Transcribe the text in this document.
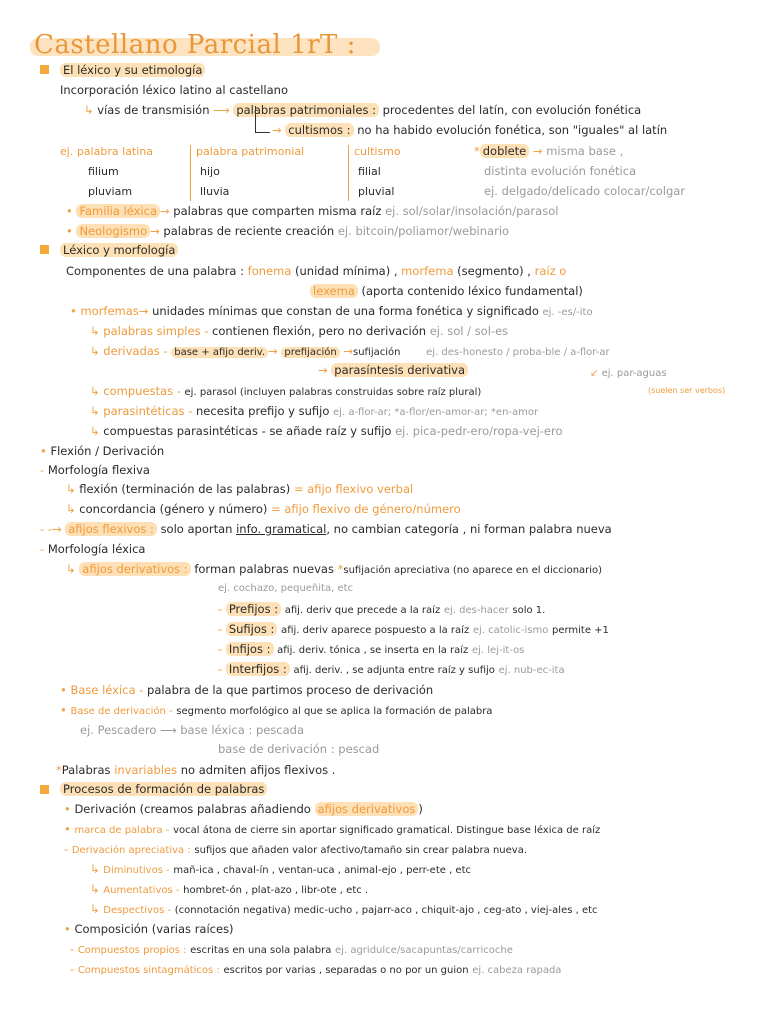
Castellano Parcial 1rT :
El léxico y su etimología
Incorporación léxico latino al castellano
↳ vías de transmisión ⟶ palabras patrimoniales : procedentes del latín, con evolución fonética
→ cultismos : no ha habido evolución fonética, son "iguales" al latín
ej. palabra latina	palabra patrimonial	cultismo
filium	hijo	filial
pluviam	lluvia	pluvial
* doblete → misma base ,
distinta evolución fonética
ej. delgado/delicado colocar/colgar
• Familia léxica → palabras que comparten misma raíz ej. sol/solar/insolación/parasol
• Neologismo → palabras de reciente creación ej. bitcoin/poliamor/webinario
Léxico y morfología
Componentes de una palabra : fonema (unidad mínima) , morfema (segmento) , raíz o
lexema (aporta contenido léxico fundamental)
• morfemas→ unidades mínimas que constan de una forma fonética y significado ej. -es/-ito
↳ palabras simples - contienen flexión, pero no derivación ej. sol / sol-es
↳ derivadas - base + afijo deriv. → prefijación →sufijación	ej. des-honesto / proba-ble / a-flor-ar
→ parasíntesis derivativa	↙ ej. par-aguas
↳ compuestas - ej. parasol (incluyen palabras construidas sobre raíz plural)	(suelen ser verbos)
↳ parasintéticas - necesita prefijo y sufijo ej. a-flor-ar; *a-flor/en-amor-ar; *en-amor
↳ compuestas parasintéticas - se añade raíz y sufijo ej. pica-pedr-ero/ropa-vej-ero
• Flexión / Derivación
- Morfología flexiva
↳ flexión (terminación de las palabras) = afijo flexivo verbal
↳ concordancia (género y número) = afijo flexivo de género/número
- -→ afijos flexivos : solo aportan info. gramatical, no cambian categoría , ni forman palabra nueva
- Morfología léxica
↳ afijos derivativos : forman palabras nuevas *sufijación apreciativa (no aparece en el diccionario)
ej. cochazo, pequeñita, etc
- Prefijos : afij. deriv que precede a la raíz ej. des-hacer solo 1.
- Sufijos : afij. deriv aparece pospuesto a la raíz ej. catolic-ismo permite +1
- Infijos : afij. deriv. tónica , se inserta en la raíz ej. lej-it-os
- Interfijos : afij. deriv. , se adjunta entre raíz y sufijo ej. nub-ec-ita
• Base léxica - palabra de la que partimos proceso de derivación
• Base de derivación - segmento morfológico al que se aplica la formación de palabra
ej. Pescadero ⟶ base léxica : pescada
base de derivación : pescad
*Palabras invariables no admiten afijos flexivos .
Procesos de formación de palabras
• Derivación (creamos palabras añadiendo afijos derivativos )
• marca de palabra - vocal átona de cierre sin aportar significado gramatical. Distingue base léxica de raíz
- Derivación apreciativa : sufijos que añaden valor afectivo/tamaño sin crear palabra nueva.
↳ Diminutivos - mañ-ica , chaval-ín , ventan-uca , animal-ejo , perr-ete , etc
↳ Aumentativos - hombret-ón , plat-azo , libr-ote , etc .
↳ Despectivos - (connotación negativa) medic-ucho , pajarr-aco , chiquit-ajo , ceg-ato , viej-ales , etc
• Composición (varias raíces)
- Compuestos propios : escritas en una sola palabra ej. agridulce/sacapuntas/carricoche
- Compuestos sintagmáticos : escritos por varias , separadas o no por un guion ej. cabeza rapada
